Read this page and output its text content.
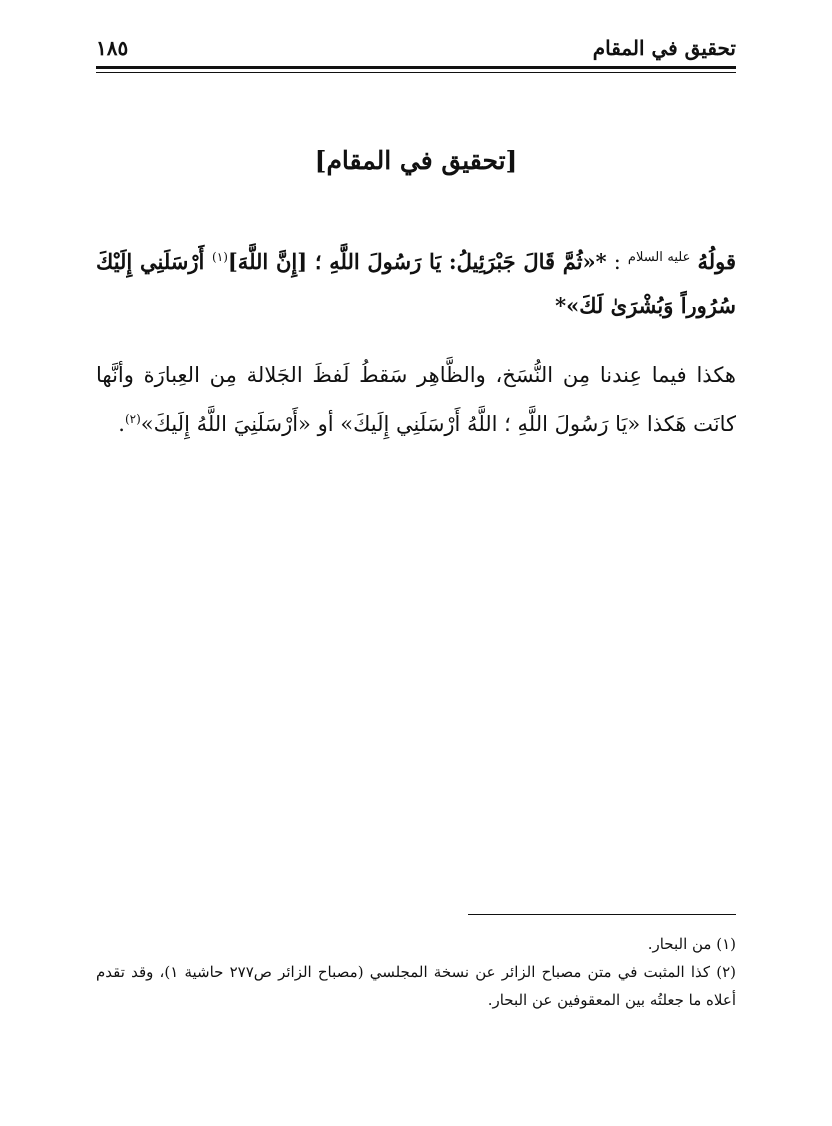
تحقيق في المقام
١٨٥
[تحقيق في المقام]

قولُهُ $^{عليه السلام}$ : *«ثُمَّ قَالَ جَبْرَئِيلُ: يَا رَسُولَ اللَّهِ ؛ [إِنَّ اللَّهَ]$^{(١)}$ أَرْسَلَنِي إِلَيْكَ سُرُوراً وَبُشْرَىٰ لَكَ»*

هكذا فيما عِندنا مِن النُّسَخ، والظَّاهِر سَقطُ لَفظَ الجَلالة مِن العِبارَة وأنَّها كانَت هَكذا «يَا رَسُولَ اللَّهِ ؛ اللَّهُ أَرْسَلَنِي إِلَيكَ» أو «أَرْسَلَنِيَ اللَّهُ إِلَيكَ»$^{(٢)}$.

(١) من البحار.

(٢) كذا المثبت في متن مصباح الزائر عن نسخة المجلسي (مصباح الزائر ص٢٧٧ حاشية ١)، وقد تقدم أعلاه ما جعلتُه بين المعقوفين عن البحار.
